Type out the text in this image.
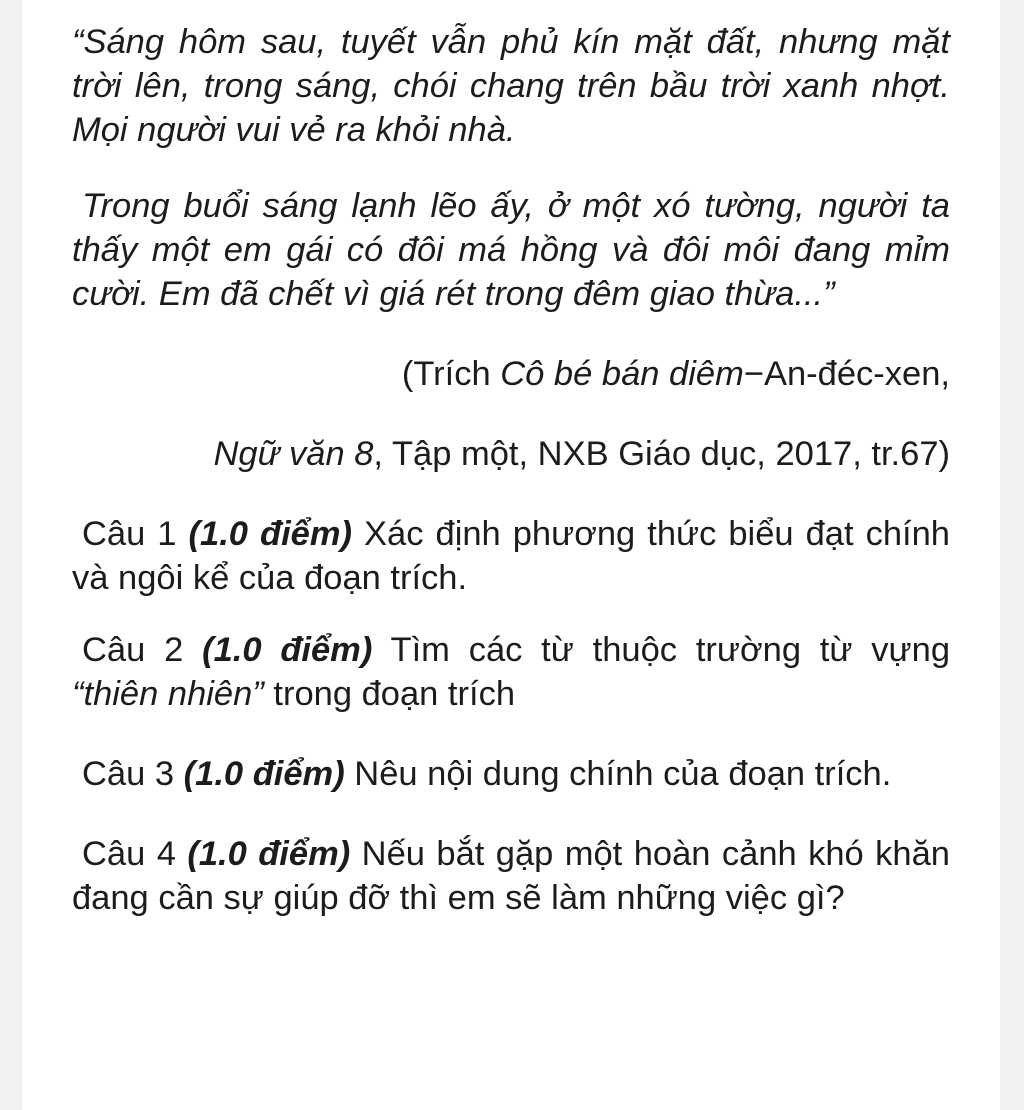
“Sáng hôm sau, tuyết vẫn phủ kín mặt đất, nhưng mặt trời lên, trong sáng, chói chang trên bầu trời xanh nhợt. Mọi người vui vẻ ra khỏi nhà.

Trong buổi sáng lạnh lẽo ấy, ở một xó tường, người ta thấy một em gái có đôi má hồng và đôi môi đang mỉm cười. Em đã chết vì giá rét trong đêm giao thừa...”

(Trích Cô bé bán diêm−An-đéc-xen,

Ngữ văn 8, Tập một, NXB Giáo dục, 2017, tr.67)

Câu 1 (1.0 điểm) Xác định phương thức biểu đạt chính và ngôi kể của đoạn trích.

Câu 2 (1.0 điểm) Tìm các từ thuộc trường từ vựng “thiên nhiên” trong đoạn trích

Câu 3 (1.0 điểm) Nêu nội dung chính của đoạn trích.

Câu 4 (1.0 điểm) Nếu bắt gặp một hoàn cảnh khó khăn đang cần sự giúp đỡ thì em sẽ làm những việc gì?
